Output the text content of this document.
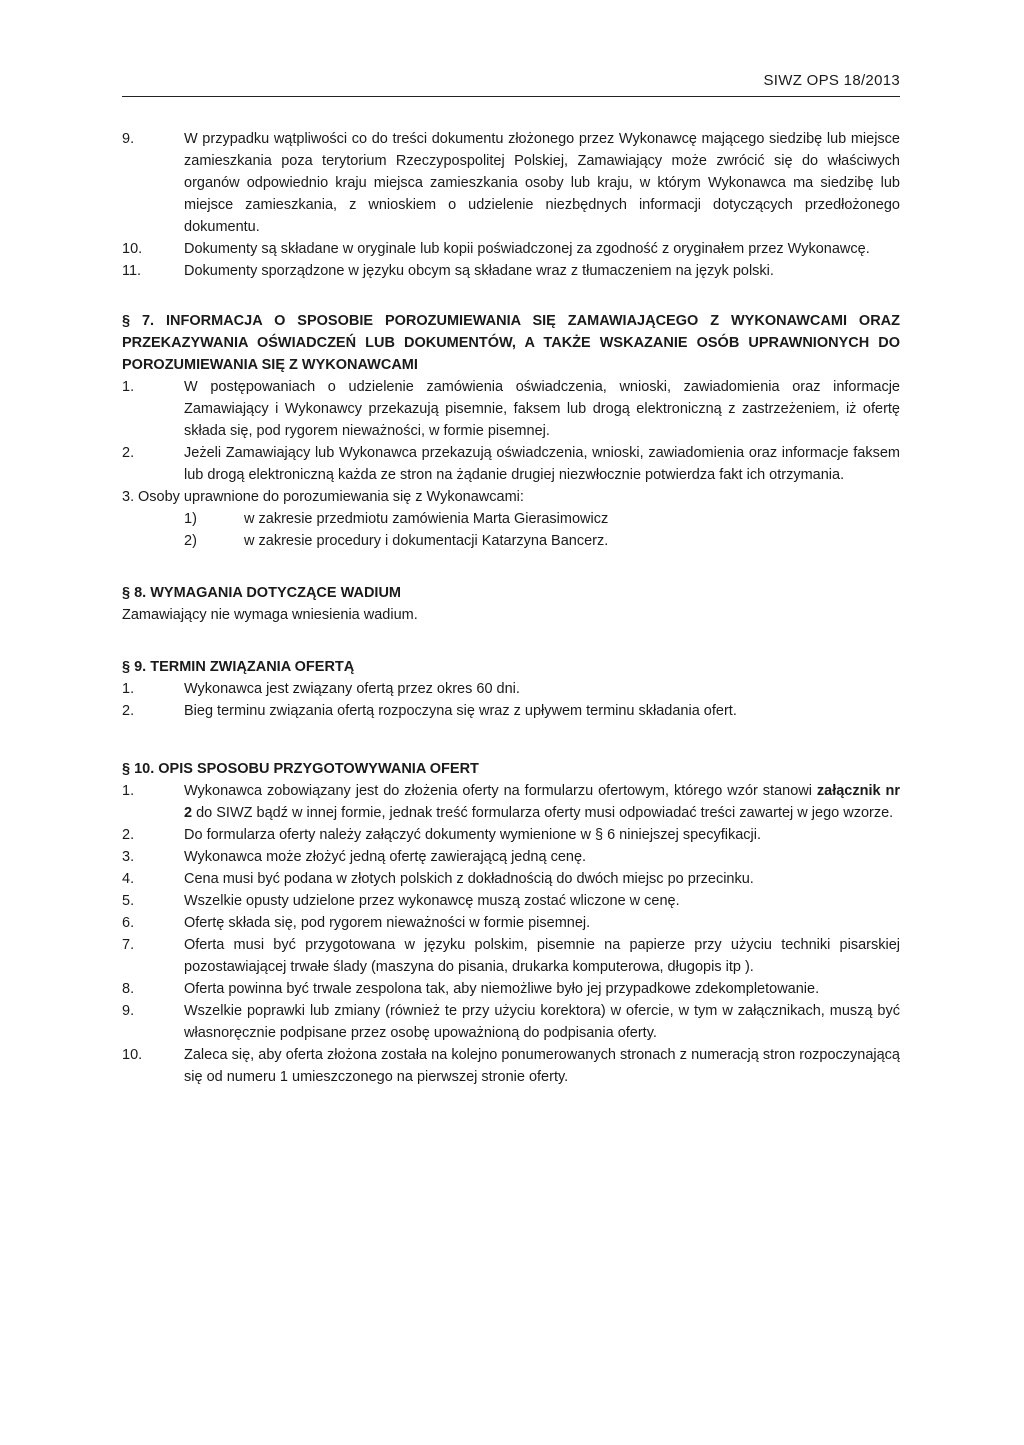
SIWZ OPS 18/2013
9.	W przypadku wątpliwości co do treści dokumentu złożonego przez Wykonawcę mającego siedzibę lub miejsce zamieszkania poza terytorium Rzeczypospolitej Polskiej, Zamawiający może zwrócić się do właściwych organów odpowiednio kraju miejsca zamieszkania osoby lub kraju, w którym Wykonawca ma siedzibę lub miejsce zamieszkania, z wnioskiem o udzielenie niezbędnych informacji dotyczących przedłożonego dokumentu.
10.	Dokumenty są składane w oryginale lub kopii poświadczonej za zgodność z oryginałem przez Wykonawcę.
11.	Dokumenty sporządzone w języku obcym są składane wraz z tłumaczeniem na język polski.
§ 7. INFORMACJA O SPOSOBIE POROZUMIEWANIA SIĘ ZAMAWIAJĄCEGO Z WYKONAWCAMI ORAZ PRZEKAZYWANIA OŚWIADCZEŃ LUB DOKUMENTÓW, A TAKŻE WSKAZANIE OSÓB UPRAWNIONYCH DO POROZUMIEWANIA SIĘ Z WYKONAWCAMI
1.	W postępowaniach o udzielenie zamówienia oświadczenia, wnioski, zawiadomienia oraz informacje Zamawiający i Wykonawcy przekazują pisemnie, faksem lub drogą elektroniczną z zastrzeżeniem, iż ofertę składa się, pod rygorem nieważności, w formie pisemnej.
2.	Jeżeli Zamawiający lub Wykonawca przekazują oświadczenia, wnioski, zawiadomienia oraz informacje faksem lub drogą elektroniczną każda ze stron na żądanie drugiej niezwłocznie potwierdza fakt ich otrzymania.
3. Osoby uprawnione do porozumiewania się z Wykonawcami:
1)	w zakresie przedmiotu zamówienia Marta Gierasimowicz
2)	w zakresie procedury i dokumentacji Katarzyna Bancerz.
§ 8. WYMAGANIA DOTYCZĄCE WADIUM
Zamawiający nie wymaga wniesienia wadium.
§ 9. TERMIN ZWIĄZANIA OFERTĄ
1.	Wykonawca jest związany ofertą przez okres 60 dni.
2.	Bieg terminu związania ofertą rozpoczyna się wraz z upływem terminu składania ofert.
§ 10. OPIS SPOSOBU PRZYGOTOWYWANIA OFERT
1.	Wykonawca zobowiązany jest do złożenia oferty na formularzu ofertowym, którego wzór stanowi załącznik nr 2 do SIWZ bądź w innej formie, jednak treść formularza oferty musi odpowiadać treści zawartej w jego wzorze.
2.	Do formularza oferty należy załączyć dokumenty wymienione w § 6 niniejszej specyfikacji.
3.	Wykonawca może złożyć jedną ofertę zawierającą jedną cenę.
4.	Cena musi być podana w złotych polskich z dokładnością do dwóch miejsc po przecinku.
5.	Wszelkie opusty udzielone przez wykonawcę muszą zostać wliczone w cenę.
6.	Ofertę składa się, pod rygorem nieważności w formie pisemnej.
7.	Oferta musi być przygotowana w języku polskim, pisemnie na papierze przy użyciu techniki pisarskiej pozostawiającej trwałe ślady (maszyna do pisania, drukarka komputerowa, długopis itp ).
8.	Oferta powinna być trwale zespolona tak, aby niemożliwe było jej przypadkowe zdekompletowanie.
9.	Wszelkie poprawki lub zmiany (również te przy użyciu korektora) w ofercie, w tym w załącznikach, muszą być własnoręcznie podpisane przez osobę upoważnioną do podpisania oferty.
10.	Zaleca się, aby oferta złożona została na kolejno ponumerowanych stronach z numeracją stron rozpoczynającą się od numeru 1 umieszczonego na pierwszej stronie oferty.
